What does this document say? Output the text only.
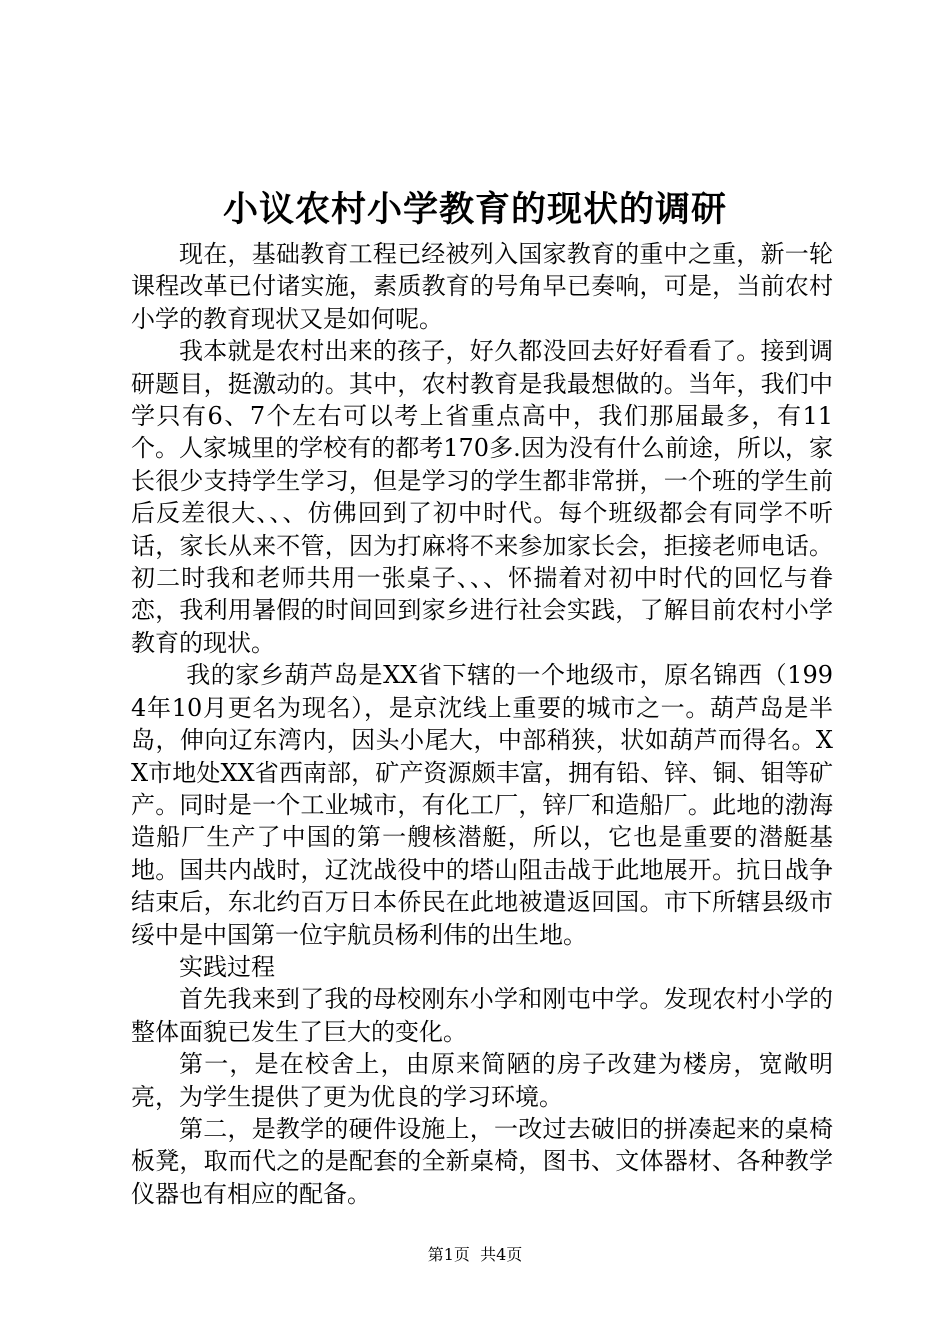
小议农村小学教育的现状的调研

现在，基础教育工程已经被列入国家教育的重中之重，新一轮课程改革已付诸实施，素质教育的号角早已奏响，可是，当前农村小学的教育现状又是如何呢。

我本就是农村出来的孩子，好久都没回去好好看看了。接到调研题目，挺激动的。其中，农村教育是我最想做的。当年，我们中学只有6、7个左右可以考上省重点高中，我们那届最多，有11个。人家城里的学校有的都考170多.因为没有什么前途，所以，家长很少支持学生学习，但是学习的学生都非常拼，一个班的学生前后反差很大、、、仿佛回到了初中时代。每个班级都会有同学不听话，家长从来不管，因为打麻将不来参加家长会，拒接老师电话。初二时我和老师共用一张桌子、、、怀揣着对初中时代的回忆与眷恋，我利用暑假的时间回到家乡进行社会实践，了解目前农村小学教育的现状。

我的家乡葫芦岛是XX省下辖的一个地级市，原名锦西（1994年10月更名为现名），是京沈线上重要的城市之一。葫芦岛是半岛，伸向辽东湾内，因头小尾大，中部稍狭，状如葫芦而得名。XX市地处XX省西南部，矿产资源颇丰富，拥有铅、锌、铜、钼等矿产。同时是一个工业城市，有化工厂，锌厂和造船厂。此地的渤海造船厂生产了中国的第一艘核潜艇，所以，它也是重要的潜艇基地。国共内战时，辽沈战役中的塔山阻击战于此地展开。抗日战争结束后，东北约百万日本侨民在此地被遣返回国。市下所辖县级市绥中是中国第一位宇航员杨利伟的出生地。

实践过程

首先我来到了我的母校刚东小学和刚屯中学。发现农村小学的整体面貌已发生了巨大的变化。

第一，是在校舍上，由原来简陋的房子改建为楼房，宽敞明亮，为学生提供了更为优良的学习环境。

第二，是教学的硬件设施上，一改过去破旧的拼凑起来的桌椅板凳，取而代之的是配套的全新桌椅，图书、文体器材、各种教学仪器也有相应的配备。

第1页 共4页
